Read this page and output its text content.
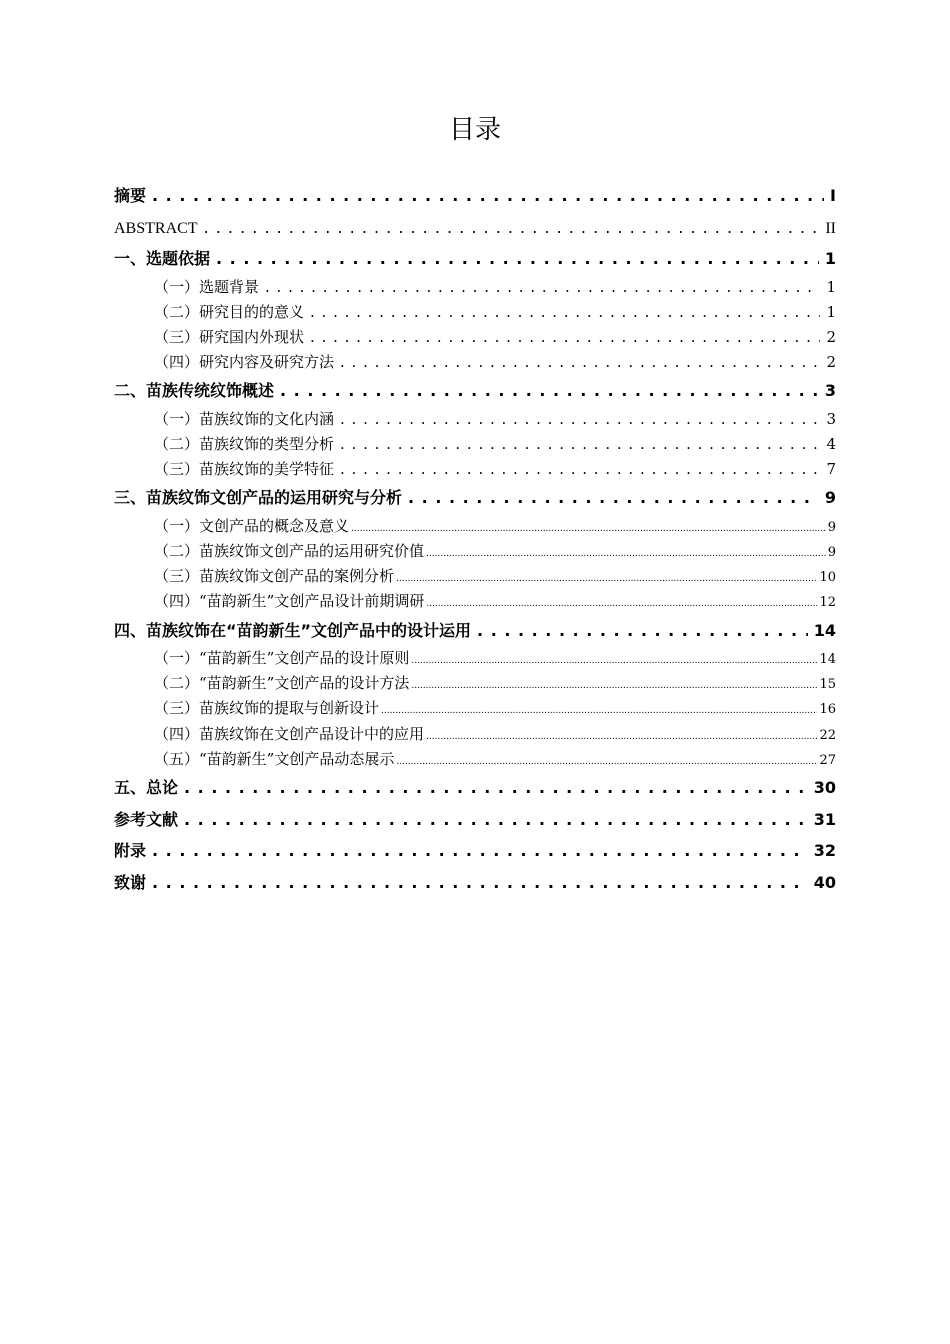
目录
摘要 . . .	I
ABSTRACT . . .	II
一、选题依据 . . .	1
（一）选题背景 . . .	1
（二）研究目的的意义 . . .	1
（三）研究国内外现状 . . .	2
（四）研究内容及研究方法 . . .	2
二、苗族传统纹饰概述 . . .	3
（一）苗族纹饰的文化内涵 . . .	3
（二）苗族纹饰的类型分析 . . .	4
（三）苗族纹饰的美学特征 . . .	7
三、苗族纹饰文创产品的运用研究与分析 . . .	9
（一）文创产品的概念及意义 .....	9
（二）苗族纹饰文创产品的运用研究价值 .....	9
（三）苗族纹饰文创产品的案例分析 .....	10
（四）“苗韵新生”文创产品设计前期调研 .....	12
四、苗族纹饰在“苗韵新生”文创产品中的设计运用 . . .	14
（一）“苗韵新生”文创产品的设计原则 .....	14
（二）“苗韵新生”文创产品的设计方法 .....	15
（三）苗族纹饰的提取与创新设计 .....	16
（四）苗族纹饰在文创产品设计中的应用 .....	22
（五）“苗韵新生”文创产品动态展示 .....	27
五、总论 . . .	30
参考文献 . . .	31
附录 . . .	32
致谢 . . .	40
